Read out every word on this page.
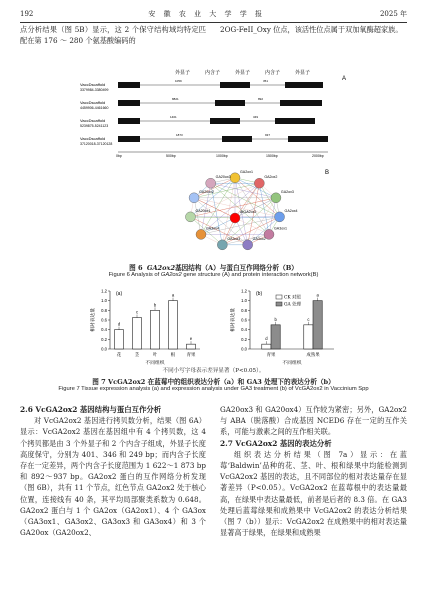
192	安 徽 农 业 大 学 学 报	2025 年

点分析结果（图 5B）显示，这 2 个保守结构域均特定匹配在第 176 ～ 280 个氨基酸编码的

2OG-FeII_Oxy 位点，该活性位点属于双加氧酶超家族。

外显子	内含子	外显子	内含子	外显子
A
VaccDscaffold
3379984-3380499
1059	351
VaccDscaffold
4459906-4461660
8821	892
VaccDscaffold
5239875-5241123
1401	349
VaccDscaffold
37120018-37120128
1873	937
0bp	500bp	1000bp	1500bp	2000bp
B
GA2ox1
GA2ox2
GA2ox3
GA2ox4
GA3ox1
GA3ox2
GA3ox3
GA3ox4
GA20ox1
GA20ox2
GA20ox3
AtGA2ox2
图 6 GA2ox2基因结构（A）与蛋白互作网络分析（B）
Figure 6 Analysis of GA2ox2 gene structure (A) and protein interaction network(B)
0.0
0.2
0.4
0.6
0.8
1.0
1.2
相对表达量
不同组织
(a)
d
花
c
茎
b
叶
a
根
e
青果
0.0
0.2
0.4
0.6
0.8
1.0
1.2
相对表达量
不同组织
(b)
d
b
青果
c
a
成熟果
CK 对照
GA 处理
不同小写字母表示差异显著（P<0.05）。
图 7 VcGA2ox2 在蓝莓中的组织表达分析（a）和 GA3 处理下的表达分析（b）
Figure 7 Tissue expression analysis (a) and expression analysis under GA3 treatment (b) of VcGA2ox2 in Vaccinium Spp

2.6 VcGA2ox2 基因结构与蛋白互作分析

对 VcGA2ox2 基因进行拷贝数分析，结果（图 6A）显示：VcGA2ox2 基因在基因组中有 4 个拷贝数，这 4 个拷贝都是由 3 个外显子和 2 个内含子组成，外显子长度高度保守，分别为 401、346 和 249 bp；而内含子长度存在一定差异，两个内含子长度范围为 1 622～1 873 bp 和 892～937 bp。GA2ox2 蛋白的互作网络分析发现（图 6B），共有 11 个节点，红色节点 GA2ox2 处于核心位置，连接线有 40 条，其平均局部聚类系数为 0.648。GA2ox2 蛋白与 1 个 GA2ox（GA2ox1）、4 个 GA3ox（GA3ox1、GA3ox2、GA3ox3 和 GA3ox4）和 3 个 GA20ox（GA20ox2、

GA20ox3 和 GA20ox4）互作较为紧密；另外，GA2ox2 与 ABA（脱落酸）合成基因 NCED6 存在一定的互作关系，可能与激素之间的互作相关联。

2.7 VcGA2ox2 基因的表达分析

组织表达分析结果（图 7a）显示：在蓝莓‘Baldwin’品种的花、茎、叶、根和绿果中均能检测到 VcGA2ox2 基因的表达，且不同部位的相对表达量存在显著差异（P<0.05）。VcGA2ox2 在蓝莓根中的表达量最高，在绿果中表达量最低，前者是后者的 8.3 倍。在 GA3 处理后蓝莓绿果和成熟果中 VcGA2ox2 的表达分析结果（图 7（b））显示：VcGA2ox2 在成熟果中的相对表达量显著高于绿果，在绿果和成熟果
